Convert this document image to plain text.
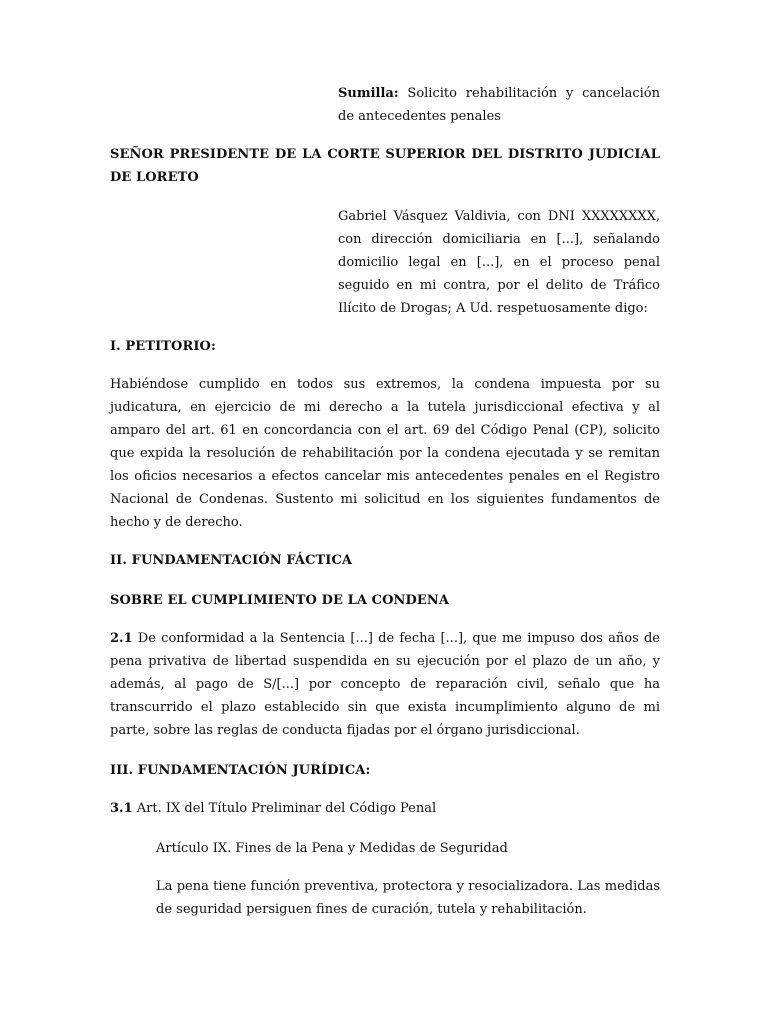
Sumilla: Solicito rehabilitación y cancelación de antecedentes penales
SEÑOR PRESIDENTE DE LA CORTE SUPERIOR DEL DISTRITO JUDICIAL DE LORETO
Gabriel Vásquez Valdivia, con DNI XXXXXXXX, con dirección domiciliaria en [...], señalando domicilio legal en [...], en el proceso penal seguido en mi contra, por el delito de Tráfico Ilícito de Drogas; A Ud. respetuosamente digo:
I. PETITORIO:
Habiéndose cumplido en todos sus extremos, la condena impuesta por su judicatura, en ejercicio de mi derecho a la tutela jurisdiccional efectiva y al amparo del art. 61 en concordancia con el art. 69 del Código Penal (CP), solicito que expida la resolución de rehabilitación por la condena ejecutada y se remitan los oficios necesarios a efectos cancelar mis antecedentes penales en el Registro Nacional de Condenas. Sustento mi solicitud en los siguientes fundamentos de hecho y de derecho.
II. FUNDAMENTACIÓN FÁCTICA
SOBRE EL CUMPLIMIENTO DE LA CONDENA
2.1 De conformidad a la Sentencia [...] de fecha [...], que me impuso dos años de pena privativa de libertad suspendida en su ejecución por el plazo de un año, y además, al pago de S/[...] por concepto de reparación civil, señalo que ha transcurrido el plazo establecido sin que exista incumplimiento alguno de mi parte, sobre las reglas de conducta fijadas por el órgano jurisdiccional.
III. FUNDAMENTACIÓN JURÍDICA:
3.1 Art. IX del Título Preliminar del Código Penal
Artículo IX. Fines de la Pena y Medidas de Seguridad
La pena tiene función preventiva, protectora y resocializadora. Las medidas de seguridad persiguen fines de curación, tutela y rehabilitación.
